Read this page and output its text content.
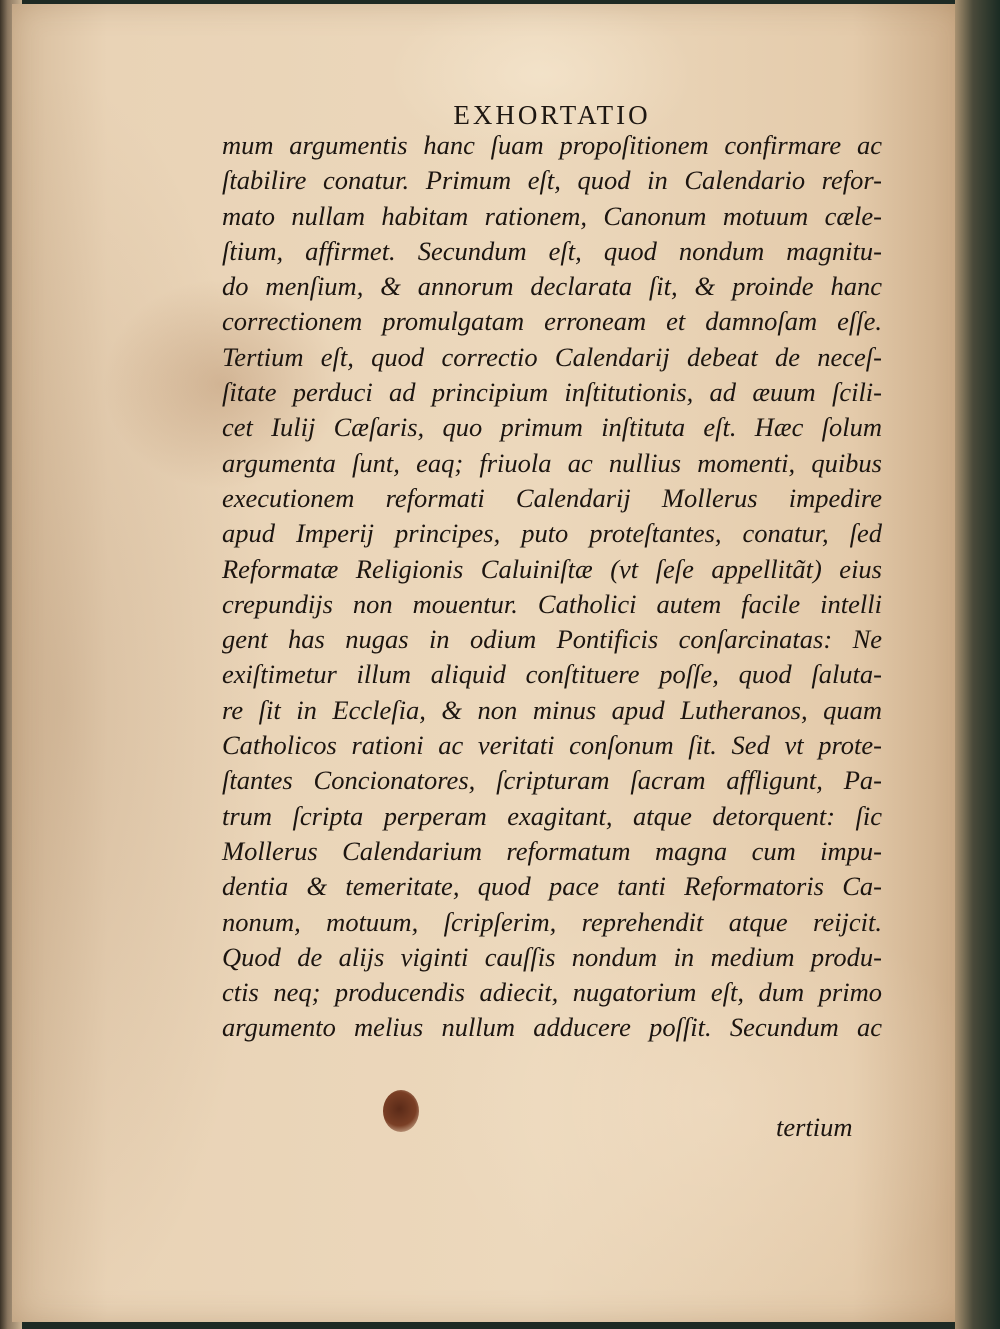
EXHORTATIO
mum argumentis hanc ſuam propoſitionem confirmare ac
ſtabilire conatur. Primum eſt, quod in Calendario refor-
mato nullam habitam rationem, Canonum motuum cæle-
ſtium, affirmet. Secundum eſt, quod nondum magnitu-
do menſium, & annorum declarata ſit, & proinde hanc
correctionem promulgatam erroneam et damnoſam eſſe.
Tertium eſt, quod correctio Calendarij debeat de neceſ-
ſitate perduci ad principium inſtitutionis, ad æuum ſcili-
cet Iulij Cæſaris, quo primum inſtituta eſt. Hæc ſolum
argumenta ſunt, eaq; friuola ac nullius momenti, quibus
executionem reformati Calendarij Mollerus impedire
apud Imperij principes, puto proteſtantes, conatur, ſed
Reformatæ Religionis Caluiniſtæ (vt ſeſe appellitãt) eius
crepundijs non mouentur. Catholici autem facile intelli
gent has nugas in odium Pontificis conſarcinatas: Ne
exiſtimetur illum aliquid conſtituere poſſe, quod ſaluta-
re ſit in Eccleſia, & non minus apud Lutheranos, quam
Catholicos rationi ac veritati conſonum ſit. Sed vt prote-
ſtantes Concionatores, ſcripturam ſacram affligunt, Pa-
trum ſcripta perperam exagitant, atque detorquent: ſic
Mollerus Calendarium reformatum magna cum impu-
dentia & temeritate, quod pace tanti Reformatoris Ca-
nonum, motuum, ſcripſerim, reprehendit atque reijcit.
Quod de alijs viginti cauſſis nondum in medium produ-
ctis neq; producendis adiecit, nugatorium eſt, dum primo
argumento melius nullum adducere poſſit. Secundum ac
tertium
